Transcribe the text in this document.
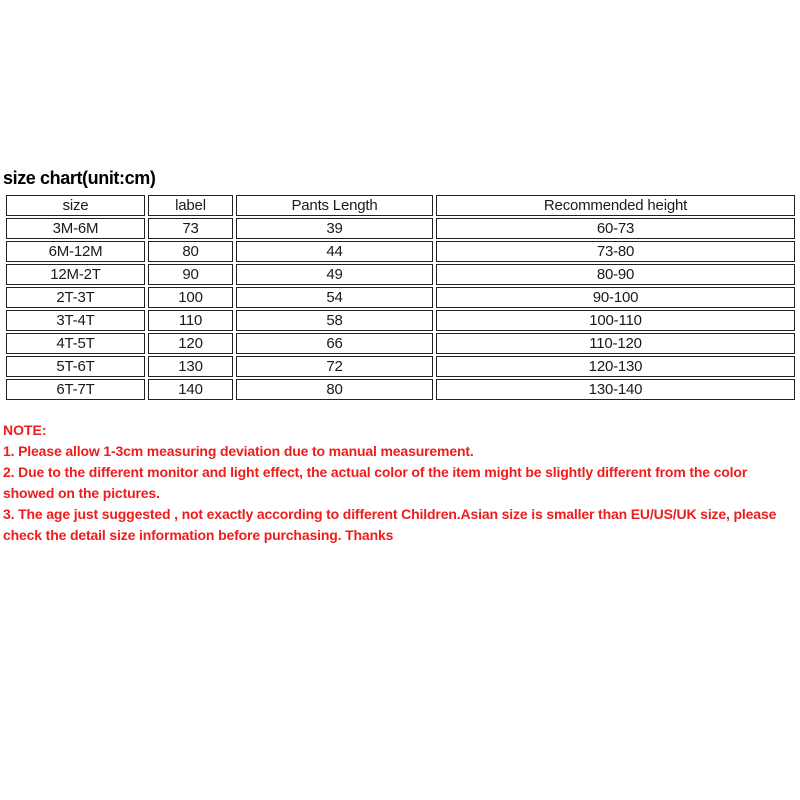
size chart(unit:cm)
size	label	Pants Length	Recommended height
3M-6M	73	39	60-73
6M-12M	80	44	73-80
12M-2T	90	49	80-90
2T-3T	100	54	90-100
3T-4T	110	58	100-110
4T-5T	120	66	110-120
5T-6T	130	72	120-130
6T-7T	140	80	130-140

NOTE:

1. Please allow 1-3cm measuring deviation due to manual measurement.

2. Due to the different monitor and light effect, the actual color of the item might be slightly different from the color showed on the pictures.

3. The age just suggested , not exactly according to different Children.Asian size is smaller than EU/US/UK size, please check the detail size information before purchasing. Thanks
